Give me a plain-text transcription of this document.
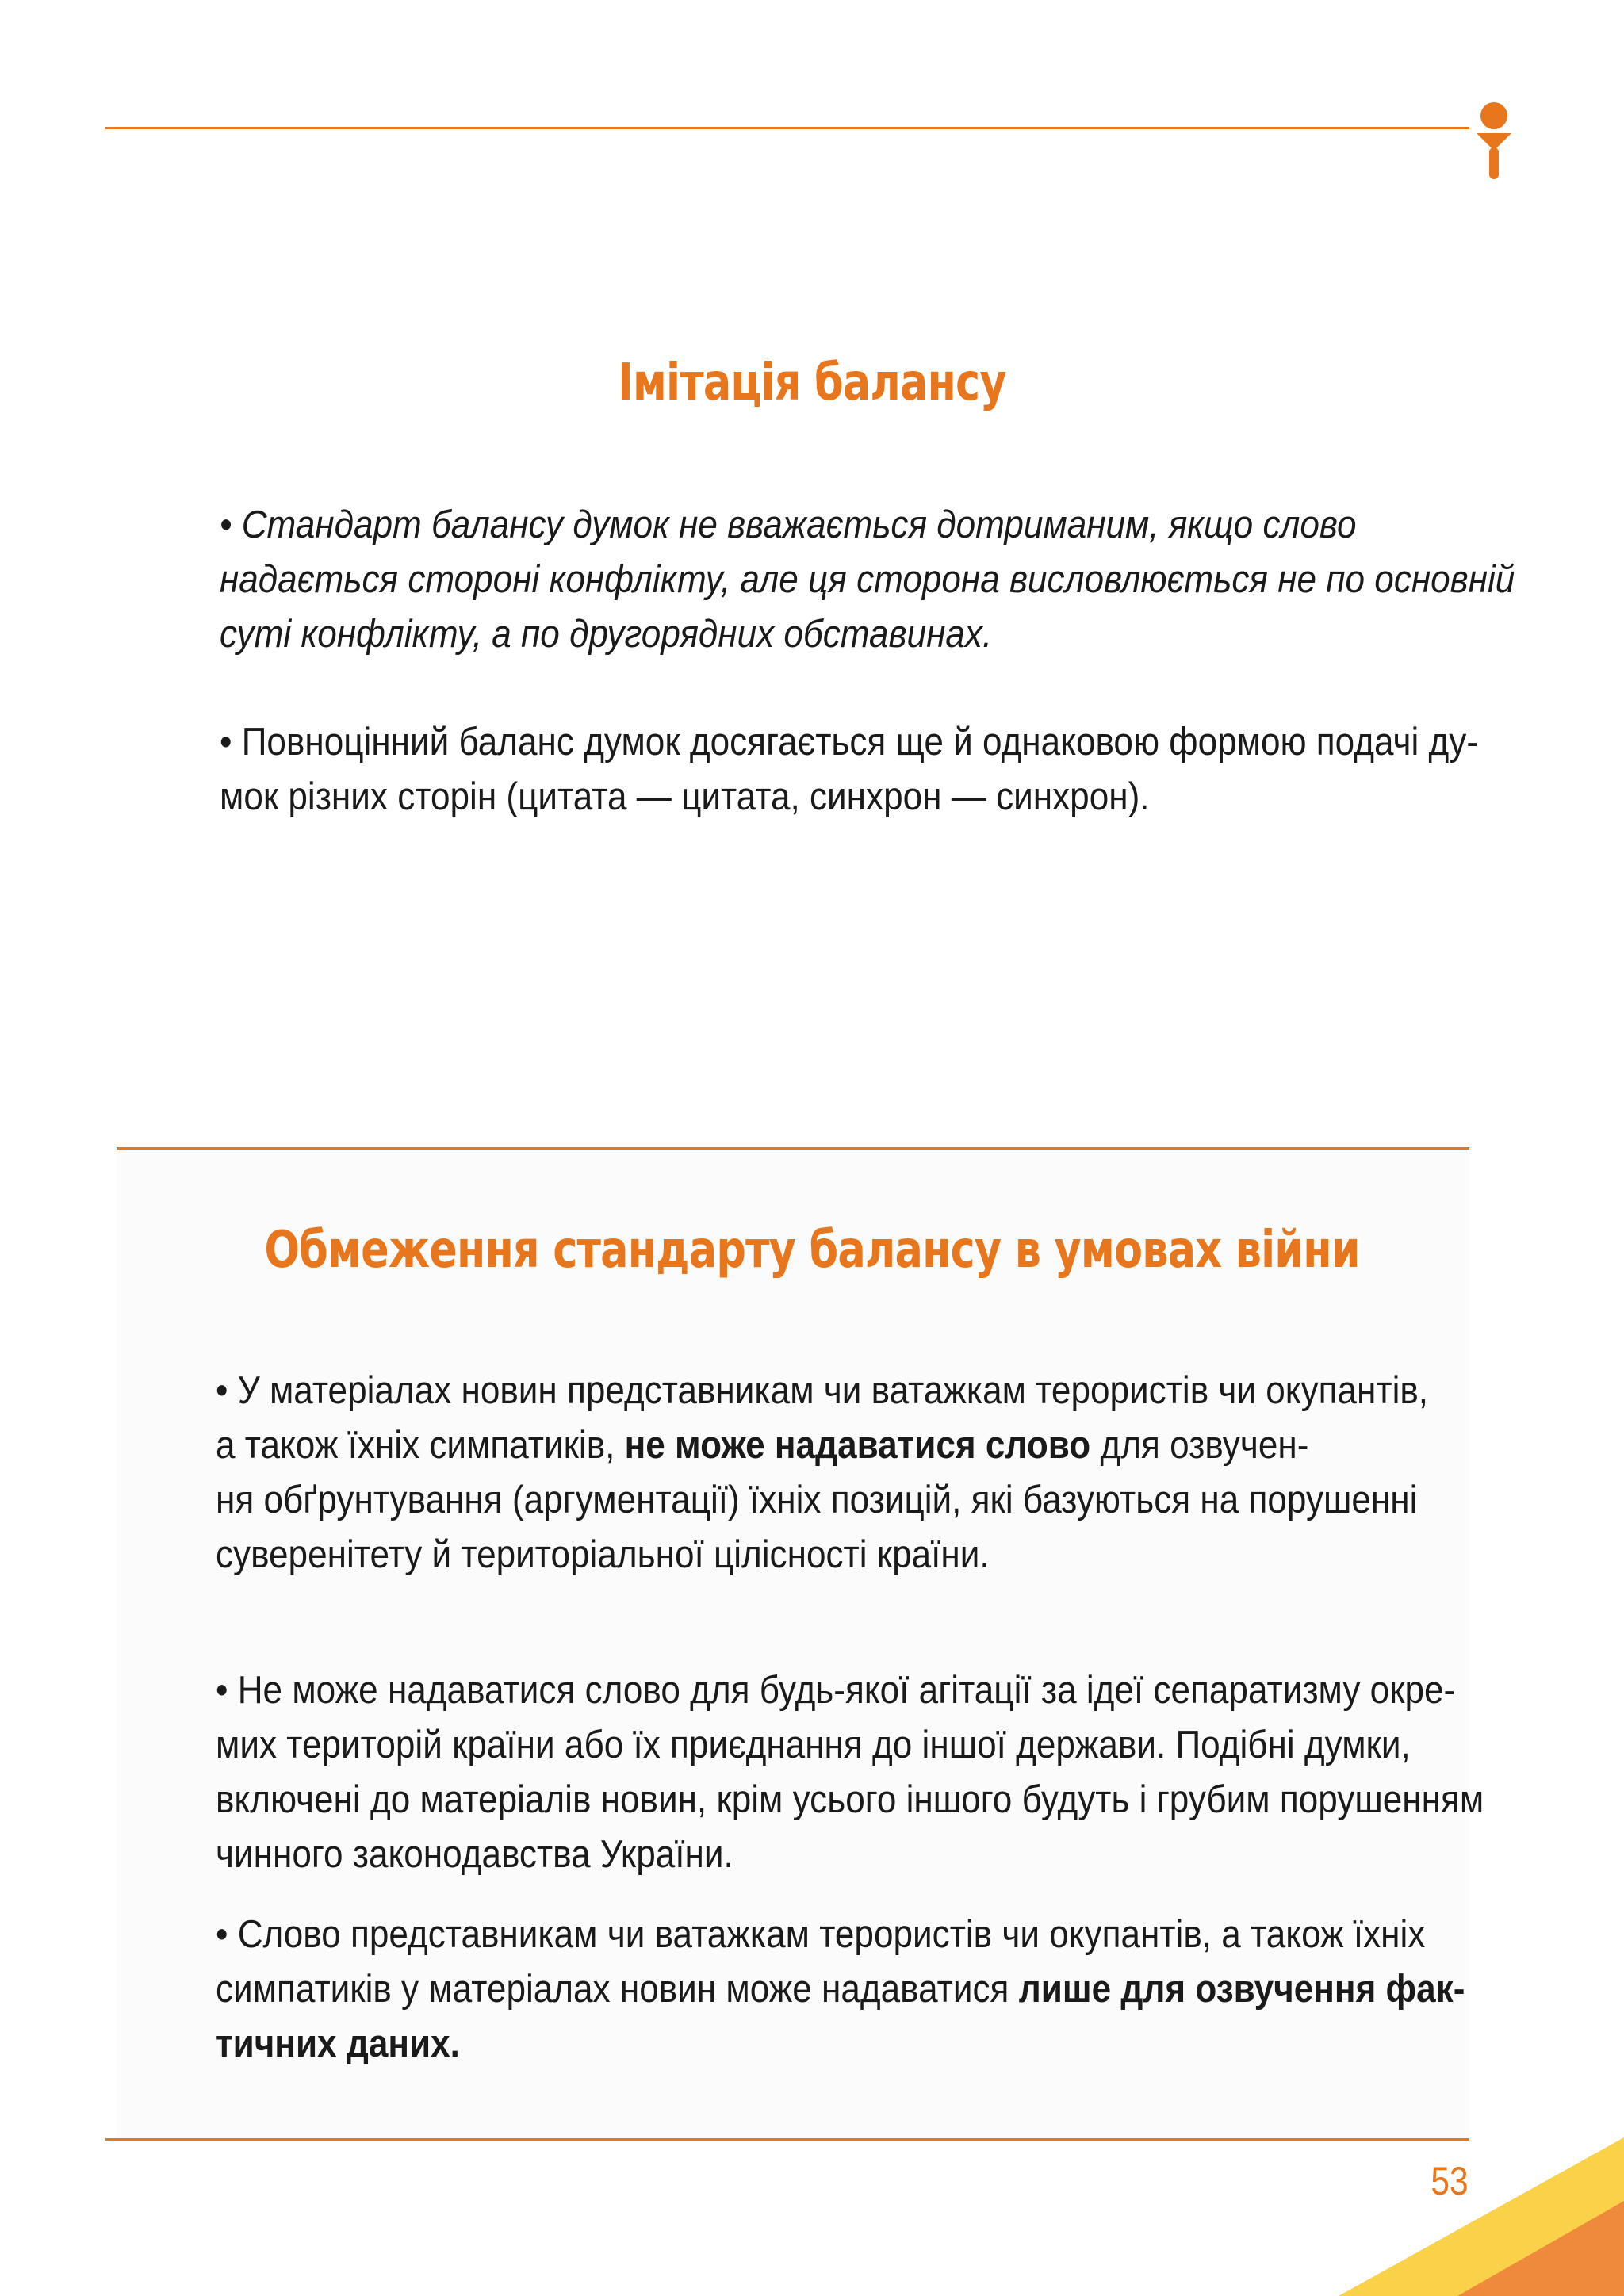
Імітація балансу

• Стандарт балансу думок не вважається дотриманим, якщо слово
надається стороні конфлікту, але ця сторона висловлюється не по основній
суті конфлікту, а по другорядних обставинах.

• Повноцінний баланс думок досягається ще й однаковою формою подачі ду-
мок різних сторін (цитата — цитата, синхрон — синхрон).

Обмеження стандарту балансу в умовах війни

• У матеріалах новин представникам чи ватажкам терористів чи окупантів,
а також їхніх симпатиків, не може надаватися слово для озвучен-
ня обґрунтування (аргументації) їхніх позицій, які базуються на порушенні
суверенітету й територіальної цілісності країни.

• Не може надаватися слово для будь-якої агітації за ідеї сепаратизму окре-
мих територій країни або їх приєднання до іншої держави. Подібні думки,
включені до матеріалів новин, крім усього іншого будуть і грубим порушенням
чинного законодавства України.

• Слово представникам чи ватажкам терористів чи окупантів, а також їхніх
симпатиків у матеріалах новин може надаватися лише для озвучення фак-
тичних даних.

53
